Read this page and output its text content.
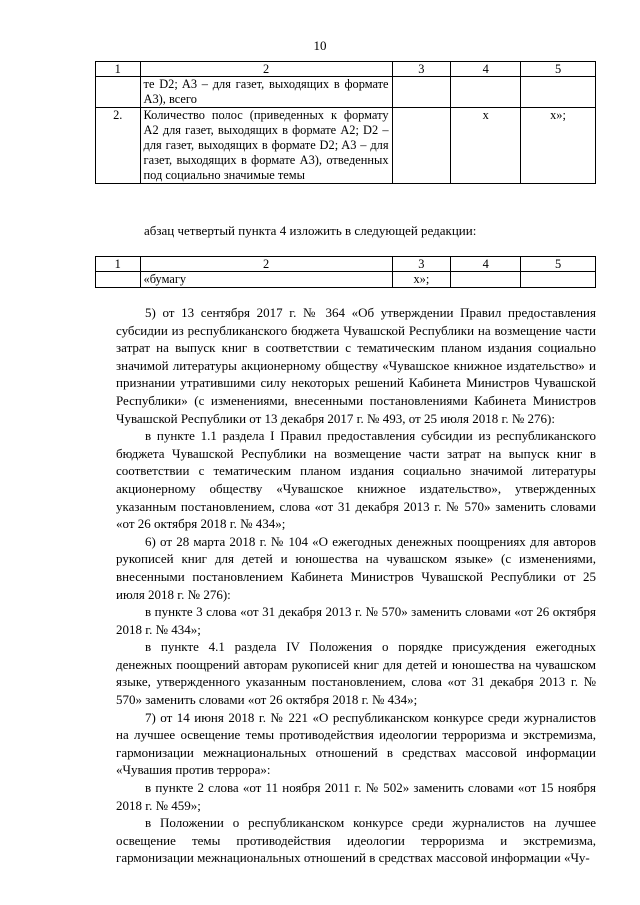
10
1	2	3	4	5
	те D2; A3 – для газет, выходящих в формате А3), всего			
2.	Количество полос (приведенных к формату A2 для газет, выходящих в формате A2; D2 – для газет, выходящих в формате D2; A3 – для газет, выходящих в формате А3), отведенных под социально значимые темы		х	х»;
абзац четвертый пункта 4 изложить в следующей редакции:
1	2	3	4	5
	«бумагу	х»;		

5) от 13 сентября 2017 г. № 364 «Об утверждении Правил предоставления субсидии из республиканского бюджета Чувашской Республики на возмещение части затрат на выпуск книг в соответствии с тематическим планом издания социально значимой литературы акционерному обществу «Чувашское книжное издательство» и признании утратившими силу некоторых решений Кабинета Министров Чувашской Республики» (с изменениями, внесенными постановлениями Кабинета Министров Чувашской Республики от 13 декабря 2017 г. № 493, от 25 июля 2018 г. № 276):

в пункте 1.1 раздела I Правил предоставления субсидии из республиканского бюджета Чувашской Республики на возмещение части затрат на выпуск книг в соответствии с тематическим планом издания социально значимой литературы акционерному обществу «Чувашское книжное издательство», утвержденных указанным постановлением, слова «от 31 декабря 2013 г. № 570» заменить словами «от 26 октября 2018 г. № 434»;

6) от 28 марта 2018 г. № 104 «О ежегодных денежных поощрениях для авторов рукописей книг для детей и юношества на чувашском языке» (с изменениями, внесенными постановлением Кабинета Министров Чувашской Республики от 25 июля 2018 г. № 276):

в пункте 3 слова «от 31 декабря 2013 г. № 570» заменить словами «от 26 октября 2018 г. № 434»;

в пункте 4.1 раздела IV Положения о порядке присуждения ежегодных денежных поощрений авторам рукописей книг для детей и юношества на чувашском языке, утвержденного указанным постановлением, слова «от 31 декабря 2013 г. № 570» заменить словами «от 26 октября 2018 г. № 434»;

7) от 14 июня 2018 г. № 221 «О республиканском конкурсе среди журналистов на лучшее освещение темы противодействия идеологии терроризма и экстремизма, гармонизации межнациональных отношений в средствах массовой информации «Чувашия против террора»:

в пункте 2 слова «от 11 ноября 2011 г. № 502» заменить словами «от 15 ноября 2018 г. № 459»;

в Положении о республиканском конкурсе среди журналистов на лучшее освещение темы противодействия идеологии терроризма и экстремизма, гармонизации межнациональных отношений в средствах массовой информации «Чу-
